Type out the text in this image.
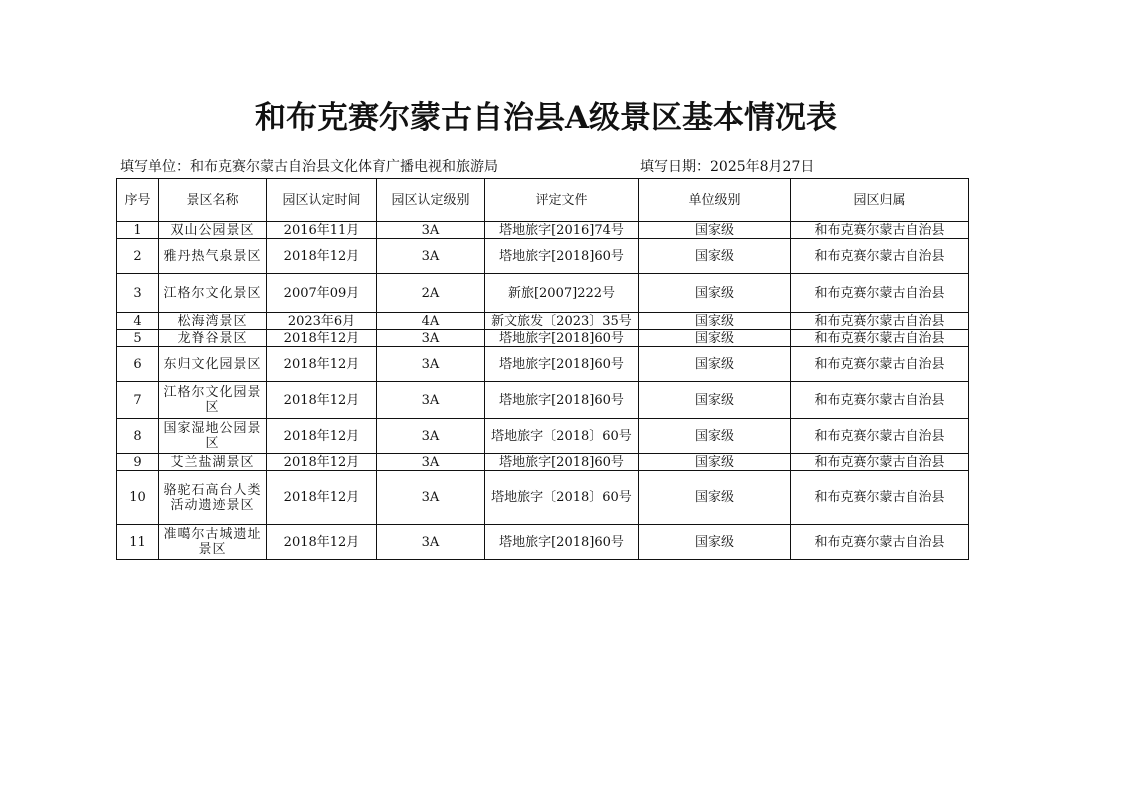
和布克赛尔蒙古自治县A级景区基本情况表
填写单位：和布克赛尔蒙古自治县文化体育广播电视和旅游局	填写日期：2025年8月27日
序号	景区名称	园区认定时间	园区认定级别	评定文件	单位级别	园区归属
1	双山公园景区	2016年11月	3A	塔地旅字[2016]74号	国家级	和布克赛尔蒙古自治县
2	雅丹热气泉景区	2018年12月	3A	塔地旅字[2018]60号	国家级	和布克赛尔蒙古自治县
3	江格尔文化景区	2007年09月	2A	新旅[2007]222号	国家级	和布克赛尔蒙古自治县
4	松海湾景区	2023年6月	4A	新文旅发〔2023〕35号	国家级	和布克赛尔蒙古自治县
5	龙脊谷景区	2018年12月	3A	塔地旅字[2018]60号	国家级	和布克赛尔蒙古自治县
6	东归文化园景区	2018年12月	3A	塔地旅字[2018]60号	国家级	和布克赛尔蒙古自治县
7	江格尔文化园景区	2018年12月	3A	塔地旅字[2018]60号	国家级	和布克赛尔蒙古自治县
8	国家湿地公园景区	2018年12月	3A	塔地旅字〔2018〕60号	国家级	和布克赛尔蒙古自治县
9	艾兰盐湖景区	2018年12月	3A	塔地旅字[2018]60号	国家级	和布克赛尔蒙古自治县
10	骆驼石高台人类活动遗迹景区	2018年12月	3A	塔地旅字〔2018〕60号	国家级	和布克赛尔蒙古自治县
11	准噶尔古城遗址景区	2018年12月	3A	塔地旅字[2018]60号	国家级	和布克赛尔蒙古自治县
